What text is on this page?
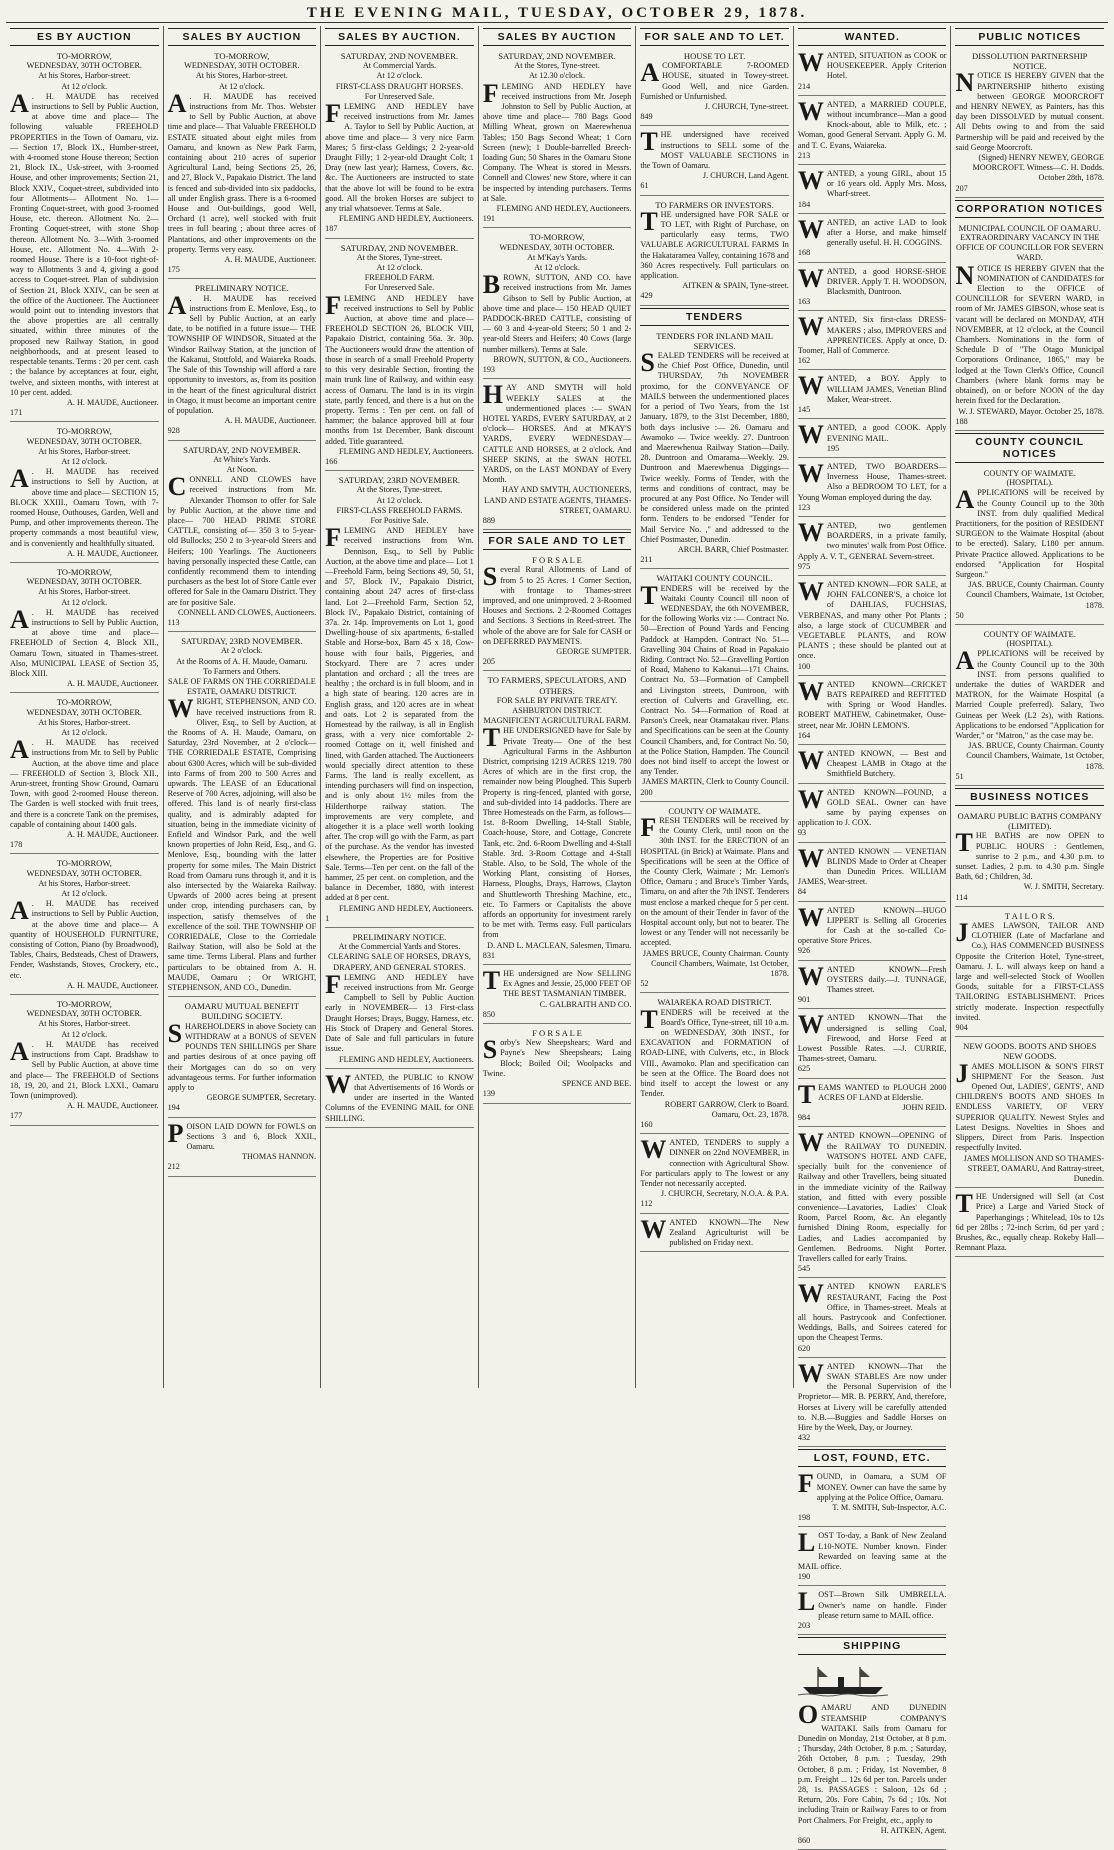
THE EVENING MAIL, TUESDAY, OCTOBER 29, 1878.
ES BY AUCTION
TO-MORROW,
WEDNESDAY, 30TH OCTOBER.
At his Stores, Harbor-street.
At 12 o'clock.
A . H. MAUDE has received instructions to Sell by Public Auction, at above time and place— The following valuable FREEHOLD PROPERTIES in the Town of Oamaru, viz.— Section 17, Block IX., Humber-street, with 4-roomed stone House thereon; Section 21, Block IX., Usk-street, with 3-roomed House, and other improvements; Section 21, Block XXIV., Coquet-street, subdivided into four Allotments— Allotment No. 1—Fronting Coquet-street, with good 3-roomed House, etc. thereon. Allotment No. 2—Fronting Coquet-street, with stone Shop thereon. Allotment No. 3—With 3-roomed House, etc. Allotment No. 4—With 2-roomed House. There is a 10-foot right-of-way to Allotments 3 and 4, giving a good access to Coquet-street. Plan of subdivision of Section 21, Block XXIV., can be seen at the office of the Auctioneer. The Auctioneer would point out to intending investors that the above properties are all centrally situated, within three minutes of the proposed new Railway Station, in good neighborhoods, and at present leased to respectable tenants. Terms : 20 per cent. cash ; the balance by acceptances at four, eight, twelve, and sixteen months, with interest at 10 per cent. added.
A. H. MAUDE, Auctioneer.
171
TO-MORROW,
WEDNESDAY, 30TH OCTOBER.
At his Stores, Harbor-street.
At 12 o'clock.
A . H. MAUDE has received instructions to Sell by Auction, at above time and place— SECTION 15, BLOCK XXIII., Oamaru Town, with 7-roomed House, Outhouses, Garden, Well and Pump, and other improvements thereon. The property commands a most beautiful view, and is conveniently and healthfully situated.
A. H. MAUDE, Auctioneer.
TO-MORROW,
WEDNESDAY, 30TH OCTOBER.
At his Stores, Harbor-street.
At 12 o'clock.
A . H. MAUDE has received instructions to Sell by Public Auction, at above time and place— FREEHOLD of Section 4, Block XII., Oamaru Town, situated in Thames-street. Also, MUNICIPAL LEASE of Section 35, Block XIII.
A. H. MAUDE, Auctioneer.
TO-MORROW,
WEDNESDAY, 30TH OCTOBER.
At his Stores, Harbor-street.
At 12 o'clock.
A . H. MAUDE has received instructions from Mr. to Sell by Public Auction, at the above time and place— FREEHOLD of Section 3, Block XII., Arun-street, fronting Show Ground, Oamaru Town, with good 2-roomed House thereon. The Garden is well stocked with fruit trees, and there is a concrete Tank on the premises, capable of containing about 1400 gals.
A. H. MAUDE, Auctioneer.
178
TO-MORROW,
WEDNESDAY, 30TH OCTOBER.
At his Stores, Harbor-street.
At 12 o'clock.
A . H. MAUDE has received instructions to Sell by Public Auction, at the above time and place— A quantity of HOUSEHOLD FURNITURE, consisting of Cotton, Piano (by Broadwood), Tables, Chairs, Bedsteads, Chest of Drawers, Fender, Washstands, Stoves, Crockery, etc., etc.
A. H. MAUDE, Auctioneer.
TO-MORROW,
WEDNESDAY, 30TH OCTOBER.
At his Stores, Harbor-street.
At 12 o'clock.
A . H. MAUDE has received instructions from Capt. Bradshaw to Sell by Public Auction, at above time and place— The FREEHOLD of Sections 18, 19, 20, and 21, Block LXXI., Oamaru Town (unimproved).
A. H. MAUDE, Auctioneer.
177
SALES BY AUCTION
TO-MORROW,
WEDNESDAY, 30TH OCTOBER.
At his Stores, Harbor-street.
At 12 o'clock.
A . H. MAUDE has received instructions from Mr. Thos. Webster to Sell by Public Auction, at above time and place— That Valuable FREEHOLD ESTATE situated about eight miles from Oamaru, and known as New Park Farm, containing about 210 acres of superior Agricultural Land, being Sections 25, 26, and 27, Block V., Papakaio District. The land is fenced and sub-divided into six paddocks, all under English grass. There is a 6-roomed House and Out-buildings, good Well, Orchard (1 acre), well stocked with fruit trees in full bearing ; about three acres of Plantations, and other improvements on the property. Terms very easy.
A. H. MAUDE, Auctioneer.
175
PRELIMINARY NOTICE.
A . H. MAUDE has received instructions from E. Menlove, Esq., to Sell by Public Auction, at an early date, to be notified in a future issue— THE TOWNSHIP OF WINDSOR, Situated at the Windsor Railway Station, at the junction of the Kakanui, Stottfold, and Waiareka Roads. The Sale of this Township will afford a rare opportunity to investors, as, from its position in the heart of the finest agricultural district in Otago, it must become an important centre of population.
A. H. MAUDE, Auctioneer.
928
SATURDAY, 2ND NOVEMBER.
At White's Yards.
At Noon.
CONNELL AND CLOWES have received instructions from Mr. Alexander Thomson to offer for Sale by Public Auction, at the above time and place— 700 HEAD PRIME STORE CATTLE, consisting of— 350 3 to 5-year-old Bullocks; 250 2 to 3-year-old Steers and Heifers; 100 Yearlings. The Auctioneers having personally inspected these Cattle, can confidently recommend them to intending purchasers as the best lot of Store Cattle ever offered for Sale in the Oamaru District. They are for positive Sale.
CONNELL AND CLOWES, Auctioneers.
113
SATURDAY, 23RD NOVEMBER.
At 2 o'clock.
At the Rooms of A. H. Maude, Oamaru.
To Farmers and Others.
SALE OF FARMS ON THE CORRIEDALE ESTATE, OAMARU DISTRICT.
WRIGHT, STEPHENSON, AND CO. have received instructions from R. Oliver, Esq., to Sell by Auction, at the Rooms of A. H. Maude, Oamaru, on Saturday, 23rd November, at 2 o'clock— THE CORRIEDALE ESTATE, Comprising about 6300 Acres, which will be sub-divided into Farms of from 200 to 500 Acres and upwards. The LEASE of an Educational Reserve of 700 Acres, adjoining, will also be offered. This land is of nearly first-class quality, and is admirably adapted for situation, being in the immediate vicinity of Enfield and Windsor Park, and the well known properties of John Reid, Esq., and G. Menlove, Esq., bounding with the latter property for some miles. The Main District Road from Oamaru runs through it, and it is also intersected by the Waiareka Railway. Upwards of 2000 acres being at present under crop, intending purchasers can, by inspection, satisfy themselves of the excellence of the soil. THE TOWNSHIP OF CORRIEDALE, Close to the Corriedale Railway Station, will also be Sold at the same time. Terms Liberal. Plans and further particulars to be obtained from A. H. MAUDE, Oamaru ; Or WRIGHT, STEPHENSON, AND CO., Dunedin.
OAMARU MUTUAL BENEFIT BUILDING SOCIETY.
SHAREHOLDERS in above Society can WITHDRAW at a BONUS of SEVEN POUNDS TEN SHILLINGS per Share and parties desirous of at once paying off their Mortgages can do so on very advantageous terms. For further information apply to
GEORGE SUMPTER, Secretary.
194
POISON LAID DOWN for FOWLS on Sections 3 and 6, Block XXII., Oamaru.
THOMAS HANNON.
212
SALES BY AUCTION.
SATURDAY, 2ND NOVEMBER.
At Commercial Yards.
At 12 o'clock.
FIRST-CLASS DRAUGHT HORSES.
For Unreserved Sale.
FLEMING AND HEDLEY have received instructions from Mr. James A. Taylor to Sell by Public Auction, at above time and place— 3 very nice Farm Mares; 5 first-class Geldings; 2 2-year-old Draught Filly; 1 2-year-old Draught Colt; 1 Dray (new last year); Harness, Covers, &c. &c. The Auctioneers are instructed to state that the above lot will be found to be extra good. All the broken Horses are subject to any trial whatsoever. Terms at Sale.
FLEMING AND HEDLEY, Auctioneers.
187
SATURDAY, 2ND NOVEMBER.
At the Stores, Tyne-street.
At 12 o'clock.
FREEHOLD FARM.
For Unreserved Sale.
FLEMING AND HEDLEY have received instructions to Sell by Public Auction, at above time and place— FREEHOLD SECTION 26, BLOCK VIII, Papakaio District, containing 56a. 3r. 30p. The Auctioneers would draw the attention of those in search of a small Freehold Property to this very desirable Section, fronting the main trunk line of Railway, and within easy access of Oamaru. The land is in its virgin state, partly fenced, and there is a hut on the property. Terms : Ten per cent. on fall of hammer; the balance approved bill at four months from 1st December, Bank discount added. Title guaranteed.
FLEMING AND HEDLEY, Auctioneers.
166
SATURDAY, 23RD NOVEMBER.
At the Stores, Tyne-street.
At 12 o'clock.
FIRST-CLASS FREEHOLD FARMS.
For Positive Sale.
FLEMING AND HEDLEY have received instructions from Wm. Dennison, Esq., to Sell by Public Auction, at the above time and place— Lot 1—Freehold Farm, being Sections 49, 50, 51, and 57, Block IV., Papakaio District, containing about 247 acres of first-class land. Lot 2—Freehold Farm, Section 52, Block IV., Papakaio District, containing of 37a. 2r. 14p. Improvements on Lot 1, good Dwelling-house of six apartments, 6-stalled Stable and Horse-box, Barn 45 x 18, Cow-house with four bails, Piggeries, and Stockyard. There are 7 acres under plantation and orchard ; all the trees are healthy ; the orchard is in full bloom, and in a high state of bearing. 120 acres are in English grass, and 120 acres are in wheat and oats. Lot 2 is separated from the Homestead by the railway, is all in English grass, with a very nice comfortable 2-roomed Cottage on it, well finished and lined, with Garden attached. The Auctioneers would specially direct attention to these Farms. The land is really excellent, as intending purchasers will find on inspection, and is only about 1½ miles from the Hilderthorpe railway station. The improvements are very complete, and altogether it is a place well worth looking after. The crop will go with the Farm, as part of the purchase. As the vendor has invested elsewhere, the Properties are for Positive Sale. Terms—Ten per cent. on the fall of the hammer, 25 per cent. on completion, and the balance in December, 1880, with interest added at 8 per cent.
FLEMING AND HEDLEY, Auctioneers.
1
PRELIMINARY NOTICE.
At the Commercial Yards and Stores.
CLEARING SALE OF HORSES, DRAYS, DRAPERY, AND GENERAL STORES.
FLEMING AND HEDLEY have received instructions from Mr. George Campbell to Sell by Public Auction early in NOVEMBER— 13 First-class Draught Horses; Drays, Buggy, Harness, etc. His Stock of Drapery and General Stores. Date of Sale and full particulars in future issue.
FLEMING AND HEDLEY, Auctioneers.
WANTED, the PUBLIC to KNOW that Advertisements of 16 Words or under are inserted in the Wanted Columns of the EVENING MAIL for ONE SHILLING.
SALES BY AUCTION
SATURDAY, 2ND NOVEMBER.
At the Stores, Tyne-street.
At 12.30 o'clock.
FLEMING AND HEDLEY have received instructions from Mr. Joseph Johnston to Sell by Public Auction, at above time and place— 780 Bags Good Milling Wheat, grown on Maerewhenua Tables; 150 Bags Second Wheat; 1 Corn Screen (new); 1 Double-barrelled Breech-loading Gun; 50 Shares in the Oamaru Stone Company. The Wheat is stored in Messrs. Connell and Clowes' new Store, where it can be inspected by intending purchasers. Terms at Sale.
FLEMING AND HEDLEY, Auctioneers.
191
TO-MORROW,
WEDNESDAY, 30TH OCTOBER.
At M'Kay's Yards.
At 12 o'clock.
BROWN, SUTTON, AND CO. have received instructions from Mr. James Gibson to Sell by Public Auction, at above time and place— 150 HEAD QUIET PADDOCK-BRED CATTLE, consisting of— 60 3 and 4-year-old Steers; 50 1 and 2-year-old Steers and Heifers; 40 Cows (large number milkers). Terms at Sale.
BROWN, SUTTON, & CO., Auctioneers.
193
HAY AND SMYTH will hold WEEKLY SALES at the undermentioned places :— SWAN HOTEL YARDS, EVERY SATURDAY, at 2 o'clock— HORSES. And at M'KAY'S YARDS, EVERY WEDNESDAY— CATTLE AND HORSES, at 2 o'clock. And SHEEP SKINS, at the SWAN HOTEL YARDS, on the LAST MONDAY of Every Month.
HAY AND SMYTH, AUCTIONEERS, LAND AND ESTATE AGENTS, THAMES-STREET, OAMARU.
889
FOR SALE AND TO LET
F O R S A L E
Several Rural Allotments of Land of from 5 to 25 Acres. 1 Corner Section, with frontage to Thames-street improved, and one unimproved. 2 3-Roomed Houses and Sections. 2 2-Roomed Cottages and Sections. 3 Sections in Reed-street. The whole of the above are for Sale for CASH or on DEFERRED PAYMENTS.
GEORGE SUMPTER.
205
TO FARMERS, SPECULATORS, AND OTHERS.
FOR SALE BY PRIVATE TREATY.
ASHBURTON DISTRICT.
MAGNIFICENT AGRICULTURAL FARM.
THE UNDERSIGNED have for Sale by Private Treaty— One of the best Agricultural Farms in the Ashburton District, comprising 1219 ACRES 1219. 780 Acres of which are in the first crop, the remainder now being Ploughed. This Superb Property is ring-fenced, planted with gorse, and sub-divided into 14 paddocks. There are Three Homesteads on the Farm, as follows— 1st. 8-Room Dwelling, 14-Stall Stable, Coach-house, Store, and Cottage, Concrete Tank, etc. 2nd. 6-Room Dwelling and 4-Stall Stable. 3rd. 3-Room Cottage and 4-Stall Stable. Also, to be Sold, The whole of the Working Plant, consisting of Horses, Harness, Ploughs, Drays, Harrows, Clayton and Shuttleworth Threshing Machine, etc., etc. To Farmers or Capitalists the above affords an opportunity for investment rarely to be met with. Terms easy. Full particulars from
D. AND L. MACLEAN, Salesmen, Timaru.
831
THE undersigned are Now SELLING Ex Agnes and Jessie, 25,000 FEET OF THE BEST TASMANIAN TIMBER.
C. GALBRAITH AND CO.
850
F O R S A L E
Sorby's New Sheepshears; Ward and Payne's New Sheepshears; Laing Block; Boiled Oil; Woolpacks and Twine.
SPENCE AND BEE.
139
FOR SALE AND TO LET.
HOUSE TO LET.
A COMFORTABLE 7-ROOMED HOUSE, situated in Towey-street. Good Well, and nice Garden. Furnished or Unfurnished.
J. CHURCH, Tyne-street.
849
THE undersigned have received instructions to SELL some of the MOST VALUABLE SECTIONS in the Town of Oamaru.
J. CHURCH, Land Agent.
61
TO FARMERS OR INVESTORS.
THE undersigned have FOR SALE or TO LET, with Right of Purchase, on particularly easy terms, TWO VALUABLE AGRICULTURAL FARMS In the Hakataramea Valley, containing 1678 and 360 Acres respectively. Full particulars on application.
AITKEN & SPAIN, Tyne-street.
429
TENDERS
TENDERS FOR INLAND MAIL SERVICES.
SEALED TENDERS will be received at the Chief Post Office, Dunedin, until THURSDAY, 7th NOVEMBER proximo, for the CONVEYANCE OF MAILS between the undermentioned places for a period of Two Years, from the 1st January, 1879, to the 31st December, 1880, both days inclusive :— 26. Oamaru and Awamoko — Twice weekly. 27. Duntroon and Maerewhenua Railway Station—Daily. 28. Duntroon and Omarama—Weekly. 29. Duntroon and Maerewhenua Diggings—Twice weekly. Forms of Tender, with the terms and conditions of contract, may be procured at any Post Office. No Tender will be considered unless made on the printed form. Tenders to be endorsed "Tender for Mail Service No. ," and addressed to the Chief Postmaster, Dunedin.
ARCH. BARR, Chief Postmaster.
211
WAITAKI COUNTY COUNCIL.
TENDERS will be received by the Waitaki County Council till noon of WEDNESDAY, the 6th NOVEMBER, for the following Works viz :— Contract No. 50—Erection of Pound Yards and Fencing Paddock at Hampden. Contract No. 51—Gravelling 304 Chains of Road in Papakaio Riding. Contract No. 52—Gravelling Portion of Road, Maheno to Kakanui—171 Chains. Contract No. 53—Formation of Campbell and Livingston streets, Duntroon, with erection of Culverts and Gravelling, etc. Contract No. 54—Formation of Road at Parson's Creek, near Otamatakau river. Plans and Specifications can be seen at the County Council Chambers, and, for Contract No. 50, at the Police Station, Hampden. The Council does not bind itself to accept the lowest or any Tender.
JAMES MARTIN, Clerk to County Council.
200
COUNTY OF WAIMATE.
FRESH TENDERS will be received by the County Clerk, until noon on the 30th INST. for the ERECTION of an HOSPITAL (in Brick) at Waimate. Plans and Specifications will be seen at the Office of the County Clerk, Waimate ; Mr. Lemon's Office, Oamaru ; and Bruce's Timber Yards, Timaru, on and after the 7th INST. Tenderers must enclose a marked cheque for 5 per cent. on the amount of their Tender in favor of the Hospital account only, but not to bearer. The lowest or any Tender will not necessarily be accepted.
JAMES BRUCE, County Chairman. County Council Chambers, Waimate, 1st October, 1878.
52
WAIAREKA ROAD DISTRICT.
TENDERS will be received at the Board's Office, Tyne-street, till 10 a.m. on WEDNESDAY, 30th INST., for EXCAVATION and FORMATION of ROAD-LINE, with Culverts, etc., in Block VIII., Awamoko. Plan and specification can be seen at the Office. The Board does not bind itself to accept the lowest or any Tender.
ROBERT GARROW, Clerk to Board. Oamaru, Oct. 23, 1878.
160
WANTED, TENDERS to supply a DINNER on 22nd NOVEMBER, in connection with Agricultural Show. For particulars apply to The lowest or any Tender not necessarily accepted.
J. CHURCH, Secretary, N.O.A. & P.A.
112
WANTED KNOWN—The New Zealand Agriculturist will be published on Friday next.
WANTED.
WANTED, SITUATION as COOK or HOUSEKEEPER. Apply Criterion Hotel.
214
WANTED, a MARRIED COUPLE, without incumbrance—Man a good Knock-about, able to Milk, etc. ; Woman, good General Servant. Apply G. M. and T. C. Evans, Waiareka.
213
WANTED, a young GIRL, about 15 or 16 years old. Apply Mrs. Moss, Wharf-street.
184
WANTED, an active LAD to look after a Horse, and make himself generally useful. H. H. COGGINS.
168
WANTED, a good HORSE-SHOE DRIVER. Apply T. H. WOODSON, Blacksmith, Duntroon.
163
WANTED, Six first-class DRESS-MAKERS ; also, IMPROVERS and APPRENTICES. Apply at once, D. Toomer, Hall of Commerce.
162
WANTED, a BOY. Apply to WILLIAM JAMES, Venetian Blind Maker, Wear-street.
145
WANTED, a good COOK. Apply EVENING MAIL.
195
WANTED, TWO BOARDERS—Inverness House, Thames-street. Also a BEDROOM TO LET, for a Young Woman employed during the day.
123
WANTED, two gentlemen BOARDERS, in a private family, two minutes' walk from Post Office. Apply A. V. T., GENERAL Severn-street.
975
WANTED KNOWN—FOR SALE, at JOHN FALCONER'S, a choice lot of DAHLIAS, FUCHSIAS, VERBENAS, and many other Pot Plants ; also, a large stock of CUCUMBER and VEGETABLE PLANTS, and ROW PLANTS ; these should be planted out at once.
100
WANTED KNOWN—CRICKET BATS REPAIRED and REFITTED with Spring or Wood Handles. ROBERT MATHEW, Cabinetmaker, Ouse-street, near Mr. JOHN LEMON'S.
164
WANTED KNOWN, — Best and Cheapest LAMB in Otago at the Smithfield Butchery.
WANTED KNOWN—FOUND, a GOLD SEAL. Owner can have same by paying expenses on application to J. COX.
93
WANTED KNOWN — VENETIAN BLINDS Made to Order at Cheaper than Dunedin Prices. WILLIAM JAMES, Wear-street.
84
WANTED KNOWN—HUGO LIPPERT is Selling all Groceries for Cash at the so-called Co-operative Store Prices.
926
WANTED KNOWN—Fresh OYSTERS daily.—J. TUNNAGE, Thames street.
901
WANTED KNOWN—That the undersigned is selling Coal, Firewood, and Horse Feed at Lowest Possible Rates. —J. CURRIE, Thames-street, Oamaru.
625
TEAMS WANTED to PLOUGH 2000 ACRES OF LAND at Elderslie.
JOHN REID.
984
WANTED KNOWN—OPENING of the RAILWAY TO DUNEDIN. WATSON'S HOTEL AND CAFE, specially built for the convenience of Railway and other Travellers, being situated in the immediate vicinity of the Railway station, and fitted with every possible convenience—Lavatories, Ladies' Cloak Room, Parcel Room, &c. An elegantly furnished Dining Room, especially for Ladies, and Ladies accompanied by Gentlemen. Bedrooms. Night Porter. Travellers called for early Trains.
545
WANTED KNOWN EARLE'S RESTAURANT, Facing the Post Office, in Thames-street. Meals at all hours. Pastrycook and Confectioner. Weddings, Balls, and Soirees catered for upon the Cheapest Terms.
620
WANTED KNOWN—That the SWAN STABLES Are now under the Personal Supervision of the Proprietor— MR. B. PERRY, And, therefore, Horses at Livery will be carefully attended to. N.B.—Buggies and Saddle Horses on Hire by the Week, Day, or Journey.
432
LOST, FOUND, ETC.
FOUND, in Oamaru, a SUM OF MONEY. Owner can have the same by applying at the Police Office, Oamaru.
T. M. SMITH, Sub-Inspector, A.C.
198
LOST To-day, a Bank of New Zealand L10-NOTE. Number known. Finder Rewarded on leaving same at the MAIL office.
190
LOST—Brown Silk UMBRELLA. Owner's name on handle. Finder please return same to MAIL office.
203
SHIPPING
OAMARU AND DUNEDIN STEAMSHIP COMPANY'S WAITAKI. Sails from Oamaru for Dunedin on Monday, 21st October, at 8 p.m. ; Thursday, 24th October, 8 p.m. ; Saturday, 26th October, 8 p.m. ; Tuesday, 29th October, 8 p.m. ; Friday, 1st November, 8 p.m. Freight ... 12s 6d per ton. Parcels under 28, 1s. PASSAGES : Saloon, 12s 6d ; Return, 20s. Fore Cabin, 7s 6d ; 10s. Not including Train or Railway Fares to or from Port Chalmers. For Freight, etc., apply to
H. AITKEN, Agent.
860
PUBLIC NOTICES
DISSOLUTION PARTNERSHIP NOTICE.
NOTICE IS HEREBY GIVEN that the PARTNERSHIP hitherto existing between GEORGE MOORCROFT and HENRY NEWEY, as Painters, has this day been DISSOLVED by mutual consent. All Debts owing to and from the said Partnership will be paid and received by the said George Moorcroft.
(Signed) HENRY NEWEY, GEORGE MOORCROFT. Witness—C. H. Dodds. October 28th, 1878.
207
CORPORATION NOTICES
MUNICIPAL COUNCIL OF OAMARU.
EXTRAORDINARY VACANCY IN THE OFFICE OF COUNCILLOR FOR SEVERN WARD.
NOTICE IS HEREBY GIVEN that the NOMINATION of CANDIDATES for Election to the OFFICE of COUNCILLOR for SEVERN WARD, in room of Mr. JAMES GIBSON, whose seat is vacant will be declared on MONDAY, 4TH NOVEMBER, at 12 o'clock, at the Council Chambers. Nominations in the form of Schedule D of "The Otago Municipal Corporations Ordinance, 1865," may be lodged at the Town Clerk's Office, Council Chambers (where blank forms may be obtained), on or before NOON of the day herein fixed for the Declaration.
W. J. STEWARD, Mayor. October 25, 1878.
188
COUNTY COUNCIL NOTICES
COUNTY OF WAIMATE.
(HOSPITAL).
APPLICATIONS will be received by the County Council up to the 30th INST. from duly qualified Medical Practitioners, for the position of RESIDENT SURGEON to the Waimate Hospital (about to be erected). Salary, L180 per annum. Private Practice allowed. Applications to be endorsed "Application for Hospital Surgeon."
JAS. BRUCE, County Chairman. County Council Chambers, Waimate, 1st October, 1878.
50
COUNTY OF WAIMATE.
(HOSPITAL).
APPLICATIONS will be received by the County Council up to the 30th INST. from persons qualified to undertake the duties of WARDER and MATRON, for the Waimate Hospital (a Married Couple preferred). Salary, Two Guineas per Week (L2 2s), with Rations. Applications to be endorsed "Application for Warder," or "Matron," as the case may be.
JAS. BRUCE, County Chairman. County Council Chambers, Waimate, 1st October, 1878.
51
BUSINESS NOTICES
OAMARU PUBLIC BATHS COMPANY (LIMITED).
THE BATHS are now OPEN to PUBLIC. HOURS : Gentlemen, sunrise to 2 p.m., and 4.30 p.m. to sunset. Ladies, 2 p.m. to 4.30 p.m. Single Bath, 6d ; Children, 3d.
W. J. SMITH, Secretary.
114
T A I L O R S.
JAMES LAWSON, TAILOR AND CLOTHIER (Late of Macfarlane and Co.), HAS COMMENCED BUSINESS Opposite the Criterion Hotel, Tyne-street, Oamaru. J. L. will always keep on hand a large and well-selected Stock of Woollen Goods, suitable for a FIRST-CLASS TAILORING ESTABLISHMENT. Prices strictly moderate. Inspection respectfully invited.
904
NEW GOODS. BOOTS AND SHOES NEW GOODS.
JAMES MOLLISON & SON'S FIRST SHIPMENT For the Season. Just Opened Out, LADIES', GENTS', AND CHILDREN'S BOOTS AND SHOES In ENDLESS VARIETY, OF VERY SUPERIOR QUALITY. Newest Styles and Latest Designs. Novelties in Shoes and Slippers, Direct from Paris. Inspection respectfully Invited.
JAMES MOLLISON AND SO THAMES-STREET, OAMARU, And Rattray-street, Dunedin.
THE Undersigned will Sell (at Cost Price) a Large and Varied Stock of Paperhangings ; Whitelead, 10s to 12s 6d per 28lbs ; 72-inch Scrim, 6d per yard ; Brushes, &c., equally cheap. Rokeby Hall—Remnant Plaza.
